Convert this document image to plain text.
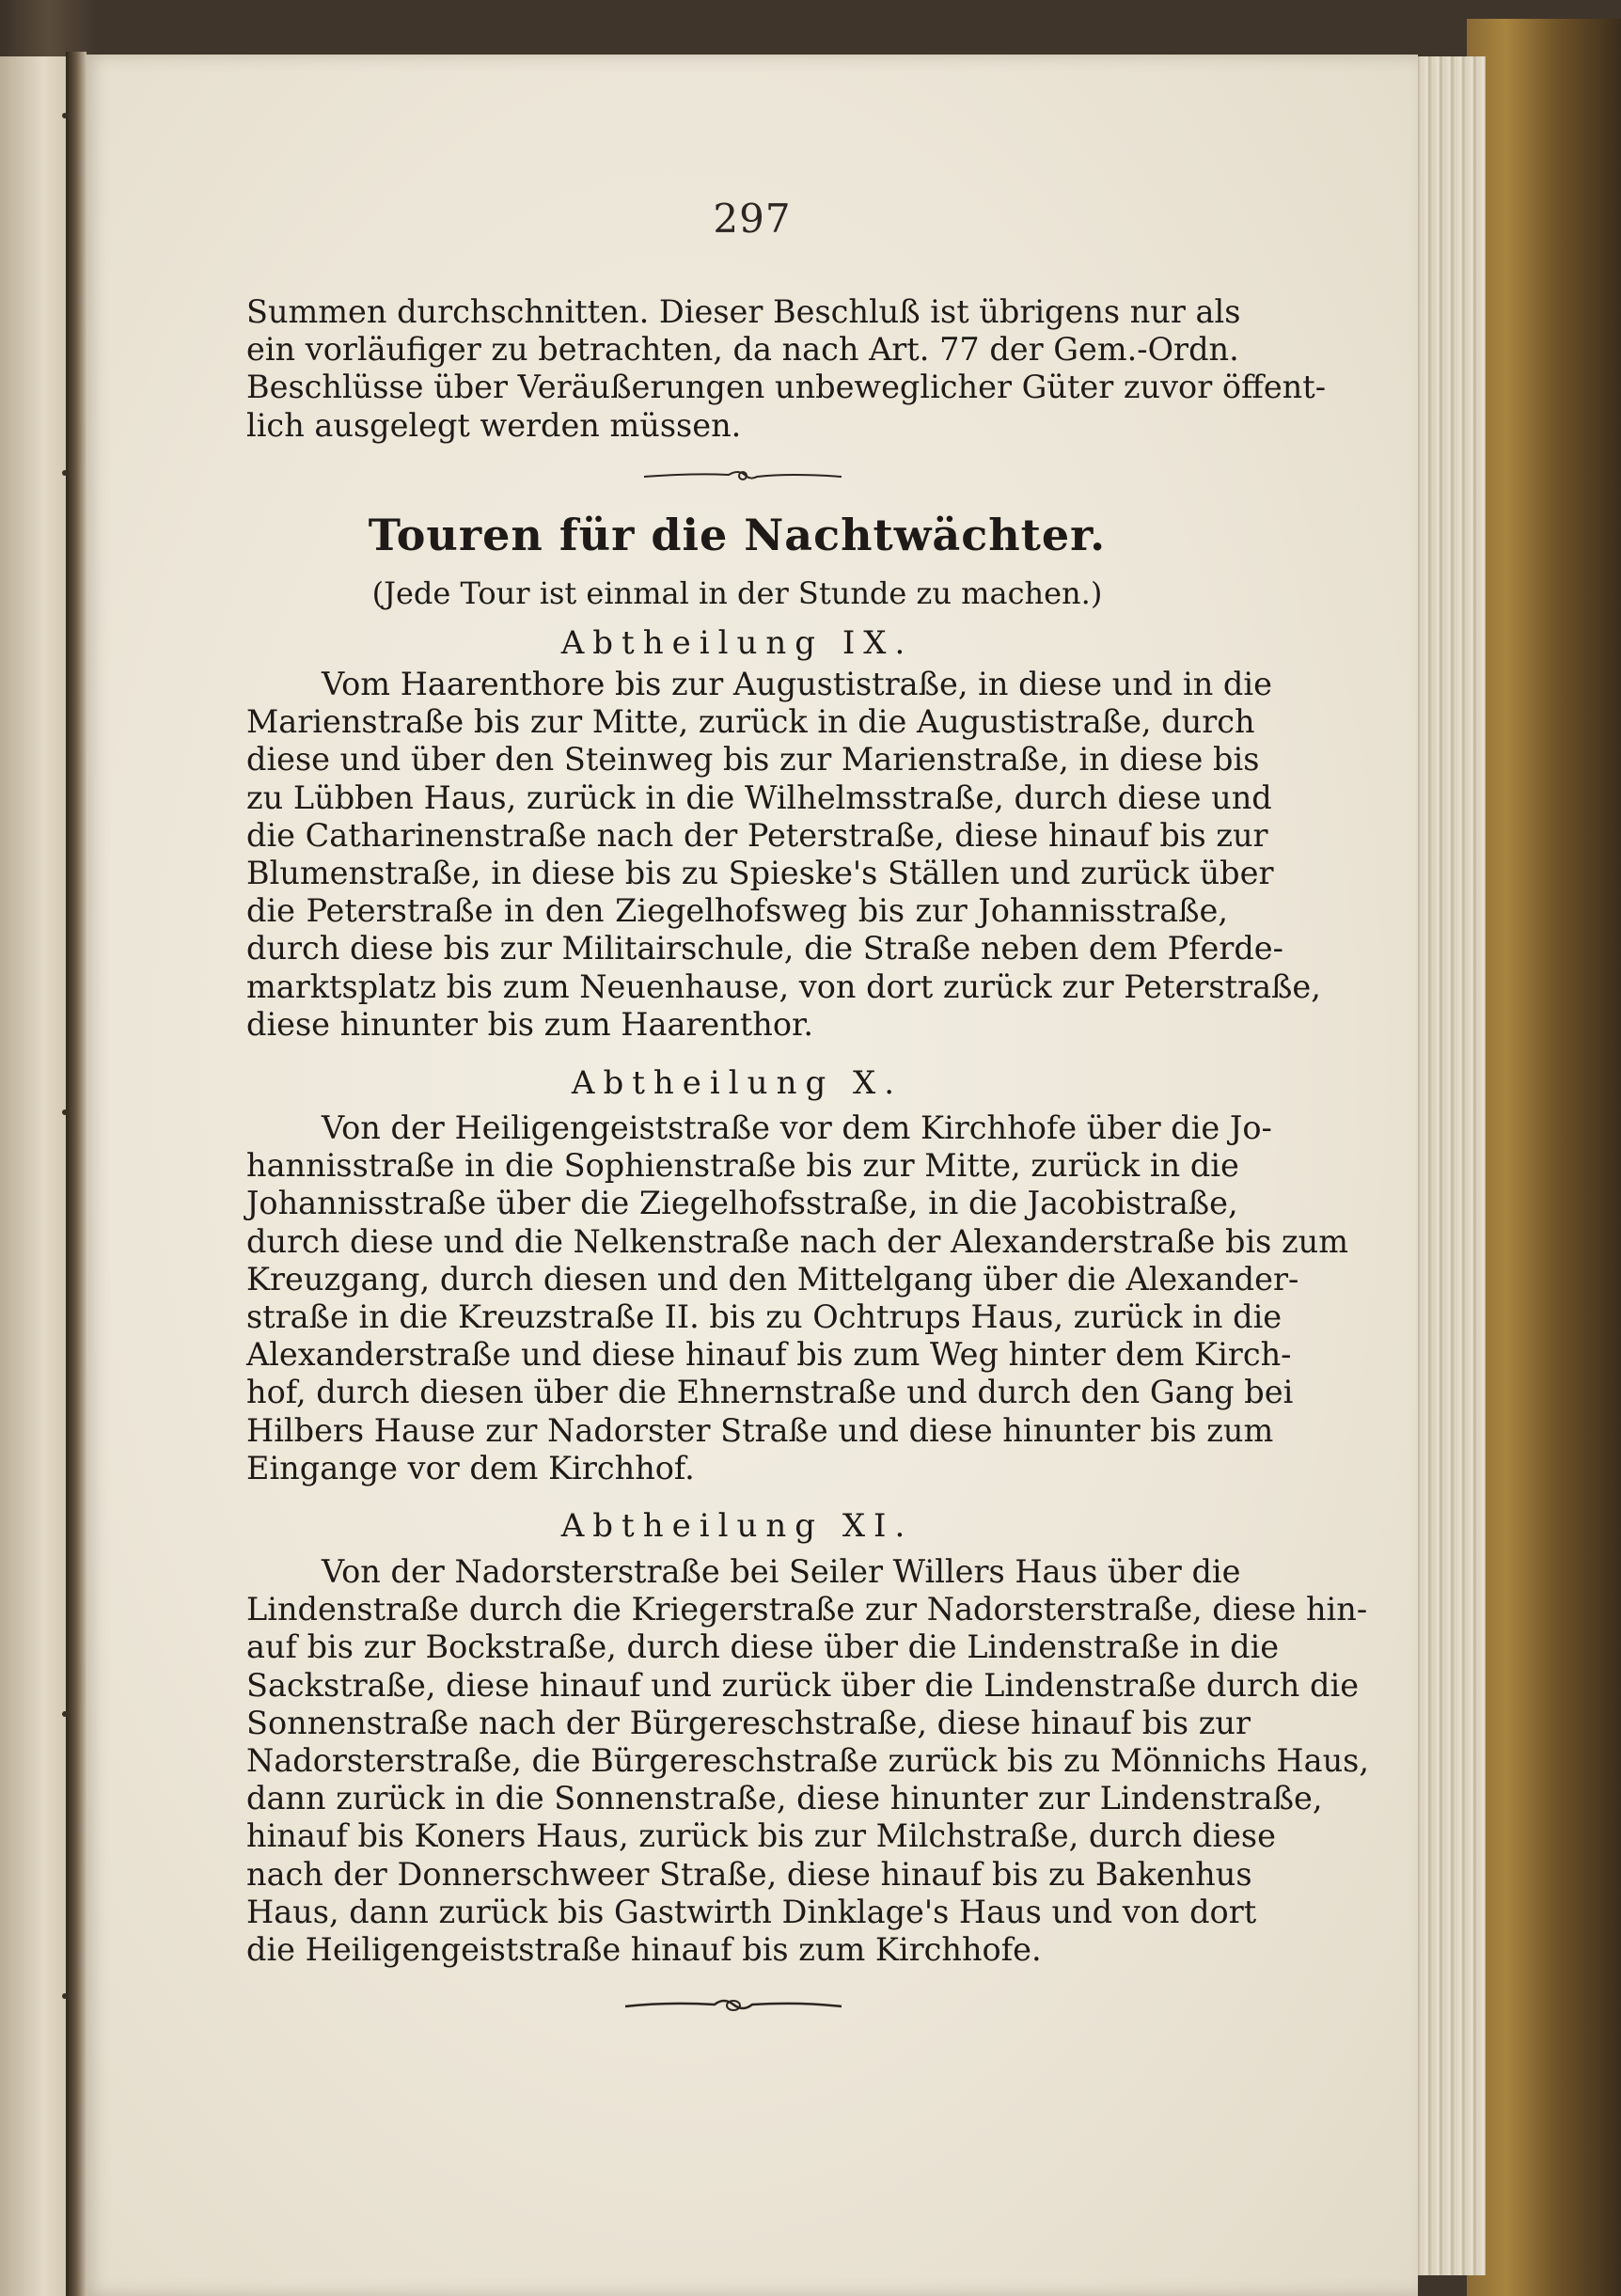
297
Summen durchschnitten. Dieser Beschluß ist übrigens nur als
ein vorläufiger zu betrachten, da nach Art. 77 der Gem.-Ordn.
Beschlüsse über Veräußerungen unbeweglicher Güter zuvor öffent-
lich ausgelegt werden müssen.
Touren für die Nachtwächter.
(Jede Tour ist einmal in der Stunde zu machen.)
Abtheilung IX.
Vom Haarenthore bis zur Augustistraße, in diese und in die
Marienstraße bis zur Mitte, zurück in die Augustistraße, durch
diese und über den Steinweg bis zur Marienstraße, in diese bis
zu Lübben Haus, zurück in die Wilhelmsstraße, durch diese und
die Catharinenstraße nach der Peterstraße, diese hinauf bis zur
Blumenstraße, in diese bis zu Spieske's Ställen und zurück über
die Peterstraße in den Ziegelhofsweg bis zur Johannisstraße,
durch diese bis zur Militairschule, die Straße neben dem Pferde-
marktsplatz bis zum Neuenhause, von dort zurück zur Peterstraße,
diese hinunter bis zum Haarenthor.
Abtheilung X.
Von der Heiligengeiststraße vor dem Kirchhofe über die Jo-
hannisstraße in die Sophienstraße bis zur Mitte, zurück in die
Johannisstraße über die Ziegelhofsstraße, in die Jacobistraße,
durch diese und die Nelkenstraße nach der Alexanderstraße bis zum
Kreuzgang, durch diesen und den Mittelgang über die Alexander-
straße in die Kreuzstraße II. bis zu Ochtrups Haus, zurück in die
Alexanderstraße und diese hinauf bis zum Weg hinter dem Kirch-
hof, durch diesen über die Ehnernstraße und durch den Gang bei
Hilbers Hause zur Nadorster Straße und diese hinunter bis zum
Eingange vor dem Kirchhof.
Abtheilung XI.
Von der Nadorsterstraße bei Seiler Willers Haus über die
Lindenstraße durch die Kriegerstraße zur Nadorsterstraße, diese hin-
auf bis zur Bockstraße, durch diese über die Lindenstraße in die
Sackstraße, diese hinauf und zurück über die Lindenstraße durch die
Sonnenstraße nach der Bürgereschstraße, diese hinauf bis zur
Nadorsterstraße, die Bürgereschstraße zurück bis zu Mönnichs Haus,
dann zurück in die Sonnenstraße, diese hinunter zur Lindenstraße,
hinauf bis Koners Haus, zurück bis zur Milchstraße, durch diese
nach der Donnerschweer Straße, diese hinauf bis zu Bakenhus
Haus, dann zurück bis Gastwirth Dinklage's Haus und von dort
die Heiligengeiststraße hinauf bis zum Kirchhofe.
